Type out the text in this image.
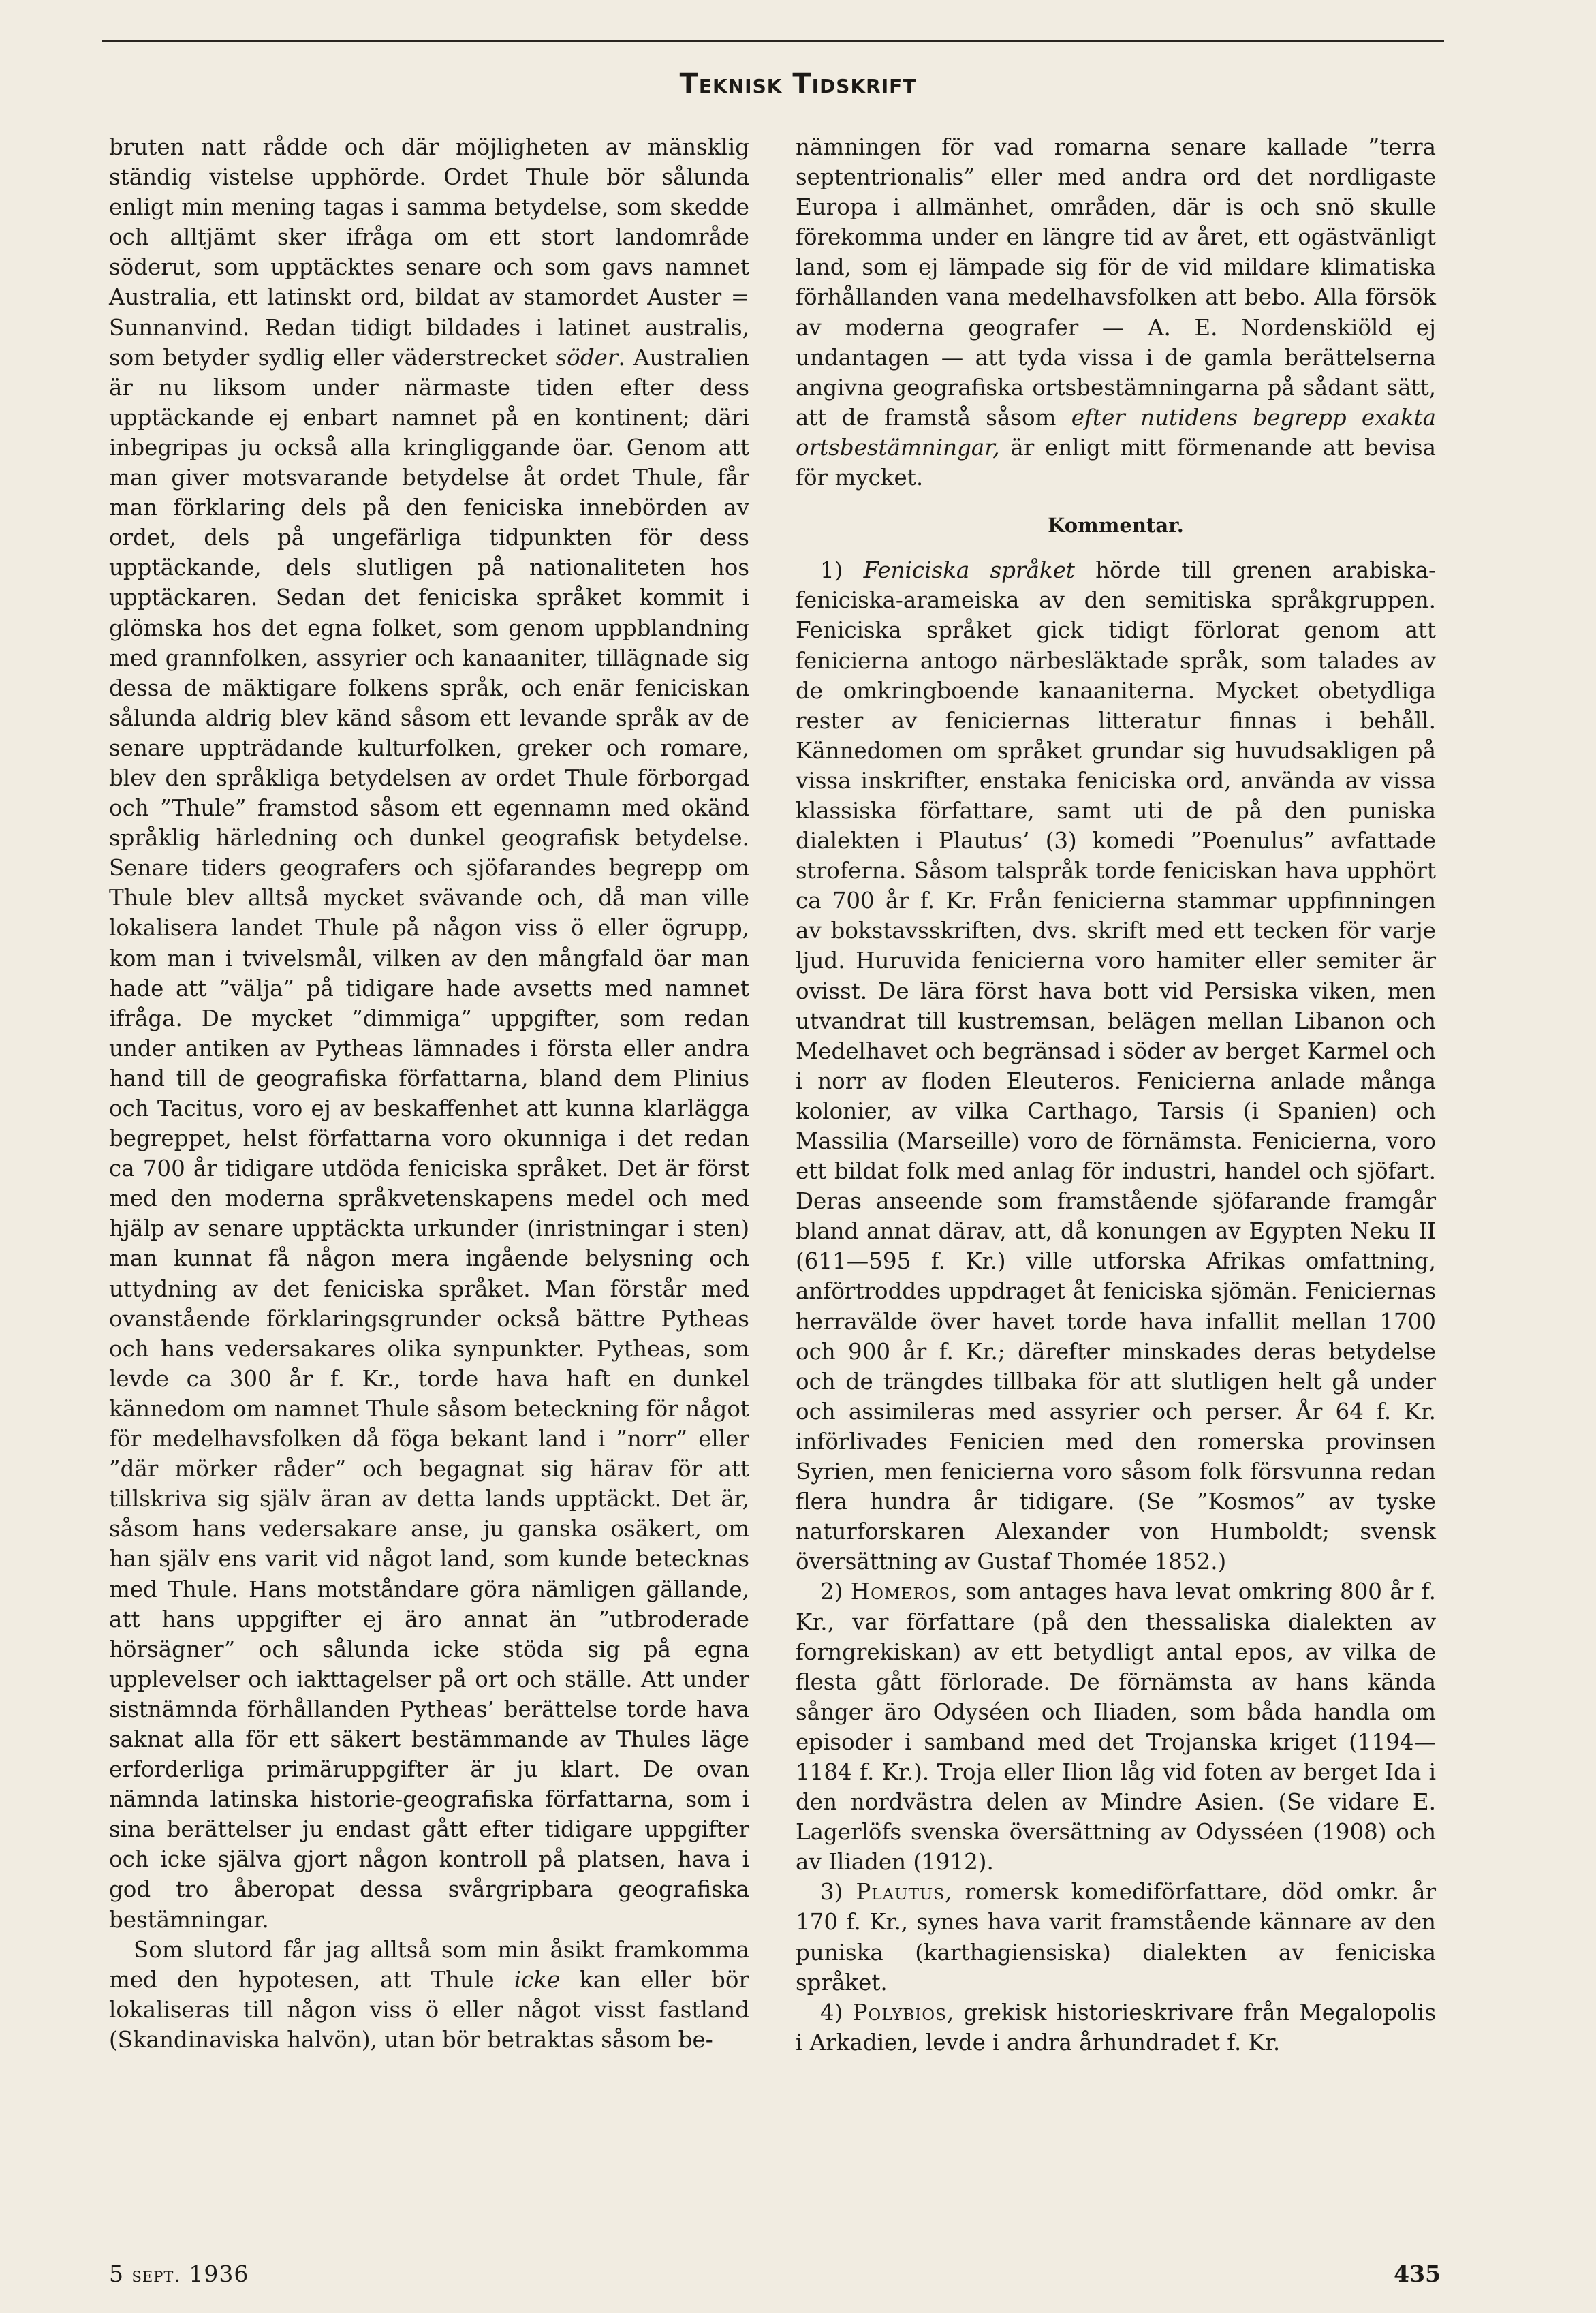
Teknisk Tidskrift

bruten natt rådde och där möjligheten av mänsklig ständig vistelse upphörde. Ordet Thule bör sålunda enligt min mening tagas i samma betydelse, som skedde och alltjämt sker ifråga om ett stort landområde söderut, som upptäcktes senare och som gavs namnet Australia, ett latinskt ord, bildat av stamordet Auster = Sunnanvind. Redan tidigt bildades i latinet australis, som betyder sydlig eller väderstrecket söder. Australien är nu liksom under närmaste tiden efter dess upptäckande ej enbart namnet på en kontinent; däri inbegripas ju också alla kringliggande öar. Genom att man giver motsvarande betydelse åt ordet Thule, får man förklaring dels på den feniciska innebörden av ordet, dels på ungefärliga tidpunkten för dess upptäckande, dels slutligen på nationaliteten hos upptäckaren. Sedan det feniciska språket kommit i glömska hos det egna folket, som genom uppblandning med grannfolken, assyrier och kanaaniter, tillägnade sig dessa de mäktigare folkens språk, och enär feniciskan sålunda aldrig blev känd såsom ett levande språk av de senare uppträdande kulturfolken, greker och romare, blev den språkliga betydelsen av ordet Thule förborgad och ”Thule” framstod såsom ett egennamn med okänd språklig härledning och dunkel geografisk betydelse. Senare tiders geografers och sjöfarandes begrepp om Thule blev alltså mycket svävande och, då man ville lokalisera landet Thule på någon viss ö eller ögrupp, kom man i tvivelsmål, vilken av den mångfald öar man hade att ”välja” på tidigare hade avsetts med namnet ifråga. De mycket ”dimmiga” uppgifter, som redan under antiken av Pytheas lämnades i första eller andra hand till de geografiska författarna, bland dem Plinius och Tacitus, voro ej av beskaffenhet att kunna klarlägga begreppet, helst författarna voro okunniga i det redan ca 700 år tidigare utdöda feniciska språket. Det är först med den moderna språkvetenskapens medel och med hjälp av senare upptäckta urkunder (inristningar i sten) man kunnat få någon mera ingående belysning och uttydning av det feniciska språket. Man förstår med ovanstående förklaringsgrunder också bättre Pytheas och hans vedersakares olika synpunkter. Pytheas, som levde ca 300 år f. Kr., torde hava haft en dunkel kännedom om namnet Thule såsom beteckning för något för medelhavsfolken då föga bekant land i ”norr” eller ”där mörker råder” och begagnat sig härav för att tillskriva sig själv äran av detta lands upptäckt. Det är, såsom hans vedersakare anse, ju ganska osäkert, om han själv ens varit vid något land, som kunde betecknas med Thule. Hans motståndare göra nämligen gällande, att hans uppgifter ej äro annat än ”utbroderade hörsägner” och sålunda icke stöda sig på egna upplevelser och iakttagelser på ort och ställe. Att under sistnämnda förhållanden Pytheas’ berättelse torde hava saknat alla för ett säkert bestämmande av Thules läge erforderliga primäruppgifter är ju klart. De ovan nämnda latinska historie-geografiska författarna, som i sina berättelser ju endast gått efter tidigare uppgifter och icke själva gjort någon kontroll på platsen, hava i god tro åberopat dessa svårgripbara geografiska bestämningar.

Som slutord får jag alltså som min åsikt framkomma med den hypotesen, att Thule icke kan eller bör lokaliseras till någon viss ö eller något visst fastland (Skandinaviska halvön), utan bör betraktas såsom be-

nämningen för vad romarna senare kallade ”terra septentrionalis” eller med andra ord det nordligaste Europa i allmänhet, områden, där is och snö skulle förekomma under en längre tid av året, ett ogästvänligt land, som ej lämpade sig för de vid mildare klimatiska förhållanden vana medelhavsfolken att bebo. Alla försök av moderna geografer — A. E. Nordenskiöld ej undantagen — att tyda vissa i de gamla berättelserna angivna geografiska ortsbestämningarna på sådant sätt, att de framstå såsom efter nutidens begrepp exakta ortsbestämningar, är enligt mitt förmenande att bevisa för mycket.

Kommentar.

1) Feniciska språket hörde till grenen arabiska-feniciska-arameiska av den semitiska språkgruppen. Feniciska språket gick tidigt förlorat genom att fenicierna antogo närbesläktade språk, som talades av de omkringboende kanaaniterna. Mycket obetydliga rester av feniciernas litteratur finnas i behåll. Kännedomen om språket grundar sig huvudsakligen på vissa inskrifter, enstaka feniciska ord, använda av vissa klassiska författare, samt uti de på den puniska dialekten i Plautus’ (3) komedi ”Poenulus” avfattade stroferna. Såsom talspråk torde feniciskan hava upphört ca 700 år f. Kr. Från fenicierna stammar uppfinningen av bokstavsskriften, dvs. skrift med ett tecken för varje ljud. Huruvida fenicierna voro hamiter eller semiter är ovisst. De lära först hava bott vid Persiska viken, men utvandrat till kustremsan, belägen mellan Libanon och Medelhavet och begränsad i söder av berget Karmel och i norr av floden Eleuteros. Fenicierna anlade många kolonier, av vilka Carthago, Tarsis (i Spanien) och Massilia (Marseille) voro de förnämsta. Fenicierna, voro ett bildat folk med anlag för industri, handel och sjöfart. Deras anseende som framstående sjöfarande framgår bland annat därav, att, då konungen av Egypten Neku II (611—595 f. Kr.) ville utforska Afrikas omfattning, anförtroddes uppdraget åt feniciska sjömän. Feniciernas herravälde över havet torde hava infallit mellan 1700 och 900 år f. Kr.; därefter minskades deras betydelse och de trängdes tillbaka för att slutligen helt gå under och assimileras med assyrier och perser. År 64 f. Kr. införlivades Fenicien med den romerska provinsen Syrien, men fenicierna voro såsom folk försvunna redan flera hundra år tidigare. (Se ”Kosmos” av tyske naturforskaren Alexander von Humboldt; svensk översättning av Gustaf Thomée 1852.)

2) Homeros, som antages hava levat omkring 800 år f. Kr., var författare (på den thessaliska dialekten av forngrekiskan) av ett betydligt antal epos, av vilka de flesta gått förlorade. De förnämsta av hans kända sånger äro Odyséen och Iliaden, som båda handla om episoder i samband med det Trojanska kriget (1194—1184 f. Kr.). Troja eller Ilion låg vid foten av berget Ida i den nordvästra delen av Mindre Asien. (Se vidare E. Lagerlöfs svenska översättning av Odysséen (1908) och av Iliaden (1912).

3) Plautus, romersk komediförfattare, död omkr. år 170 f. Kr., synes hava varit framstående kännare av den puniska (karthagiensiska) dialekten av feniciska språket.

4) Polybios, grekisk historieskrivare från Megalopolis i Arkadien, levde i andra århundradet f. Kr.

5 sept. 1936	435
